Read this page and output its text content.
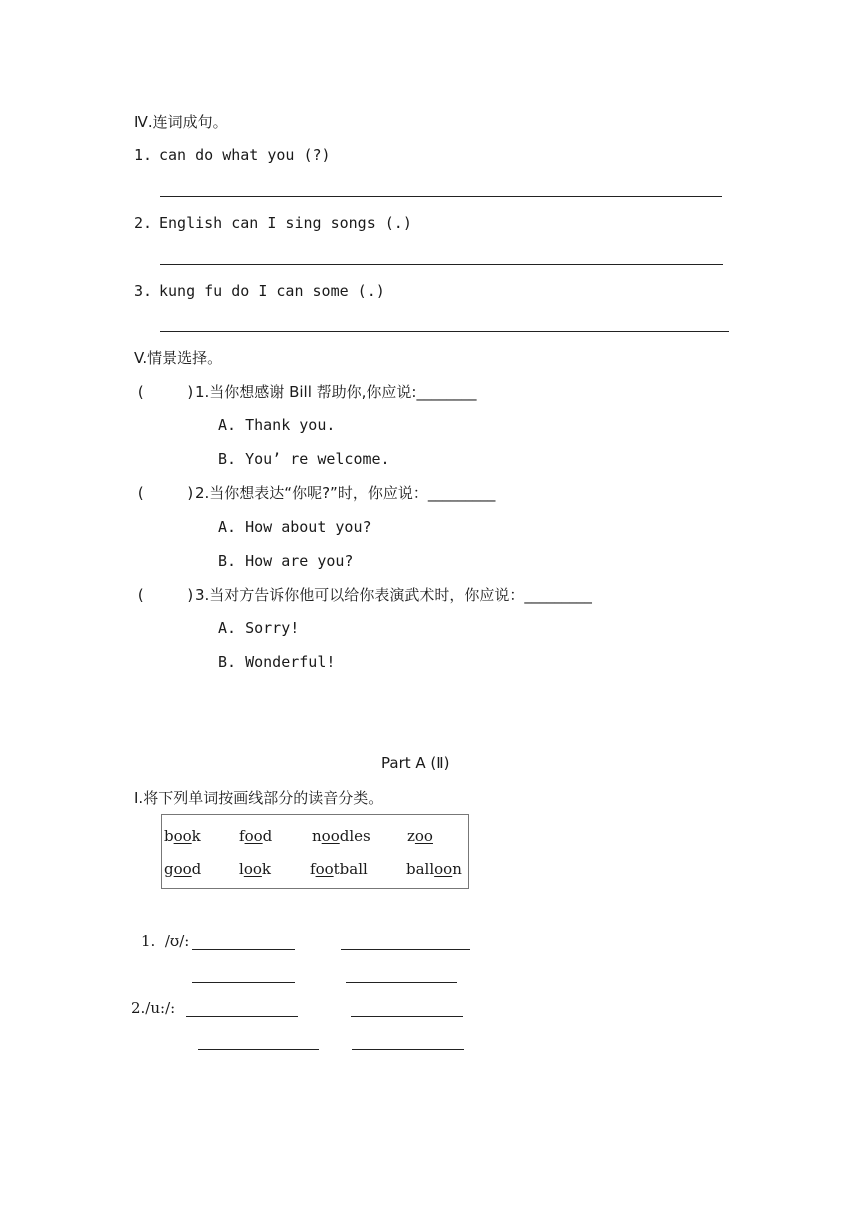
Ⅳ.连词成句。
1. can do what you (?)
2. English can I sing songs (.)
3. kung fu do I can some (.)
V.情景选择。
(	) 1.当你想感谢 Bill 帮助你,你应说:________
A. Thank you.
B. You’ re welcome.
(	) 2.当你想表达“你呢?”时，你应说：_________
A. How about you?
B. How are you?
(	) 3.当对方告诉你他可以给你表演武术时，你应说：_________
A. Sorry!
B. Wonderful!
Part A (Ⅱ)
Ⅰ.将下列单词按画线部分的读音分类。
book	food	noodles zoo
good	look	football	balloon
1.  /ʊ/:
2./u:/:
